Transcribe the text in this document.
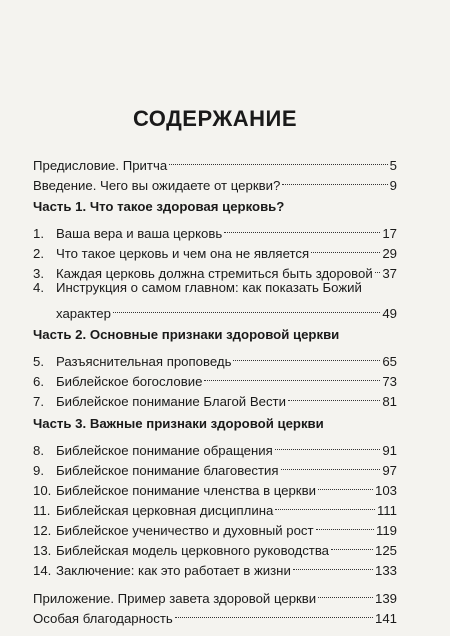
СОДЕРЖАНИЕ
Предисловие. Притча	5
Введение. Чего вы ожидаете от церкви?	9
Часть 1. Что такое здоровая церковь?
1. Ваша вера и ваша церковь	17
2. Что такое церковь и чем она не является	29
3. Каждая церковь должна стремиться быть здоровой 37
4. Инструкция о самом главном: как показать Божий
характер	49
Часть 2. Основные признаки здоровой церкви
5. Разъяснительная проповедь	65
6. Библейское богословие	73
7. Библейское понимание Благой Вести	81
Часть 3. Важные признаки здоровой церкви
8. Библейское понимание обращения	91
9. Библейское понимание благовестия	97
10. Библейское понимание членства в церкви	103
11. Библейская церковная дисциплина	111
12. Библейское ученичество и духовный рост	119
13. Библейская модель церковного руководства	125
14. Заключение: как это работает в жизни	133
Приложение. Пример завета здоровой церкви	139
Особая благодарность	141
